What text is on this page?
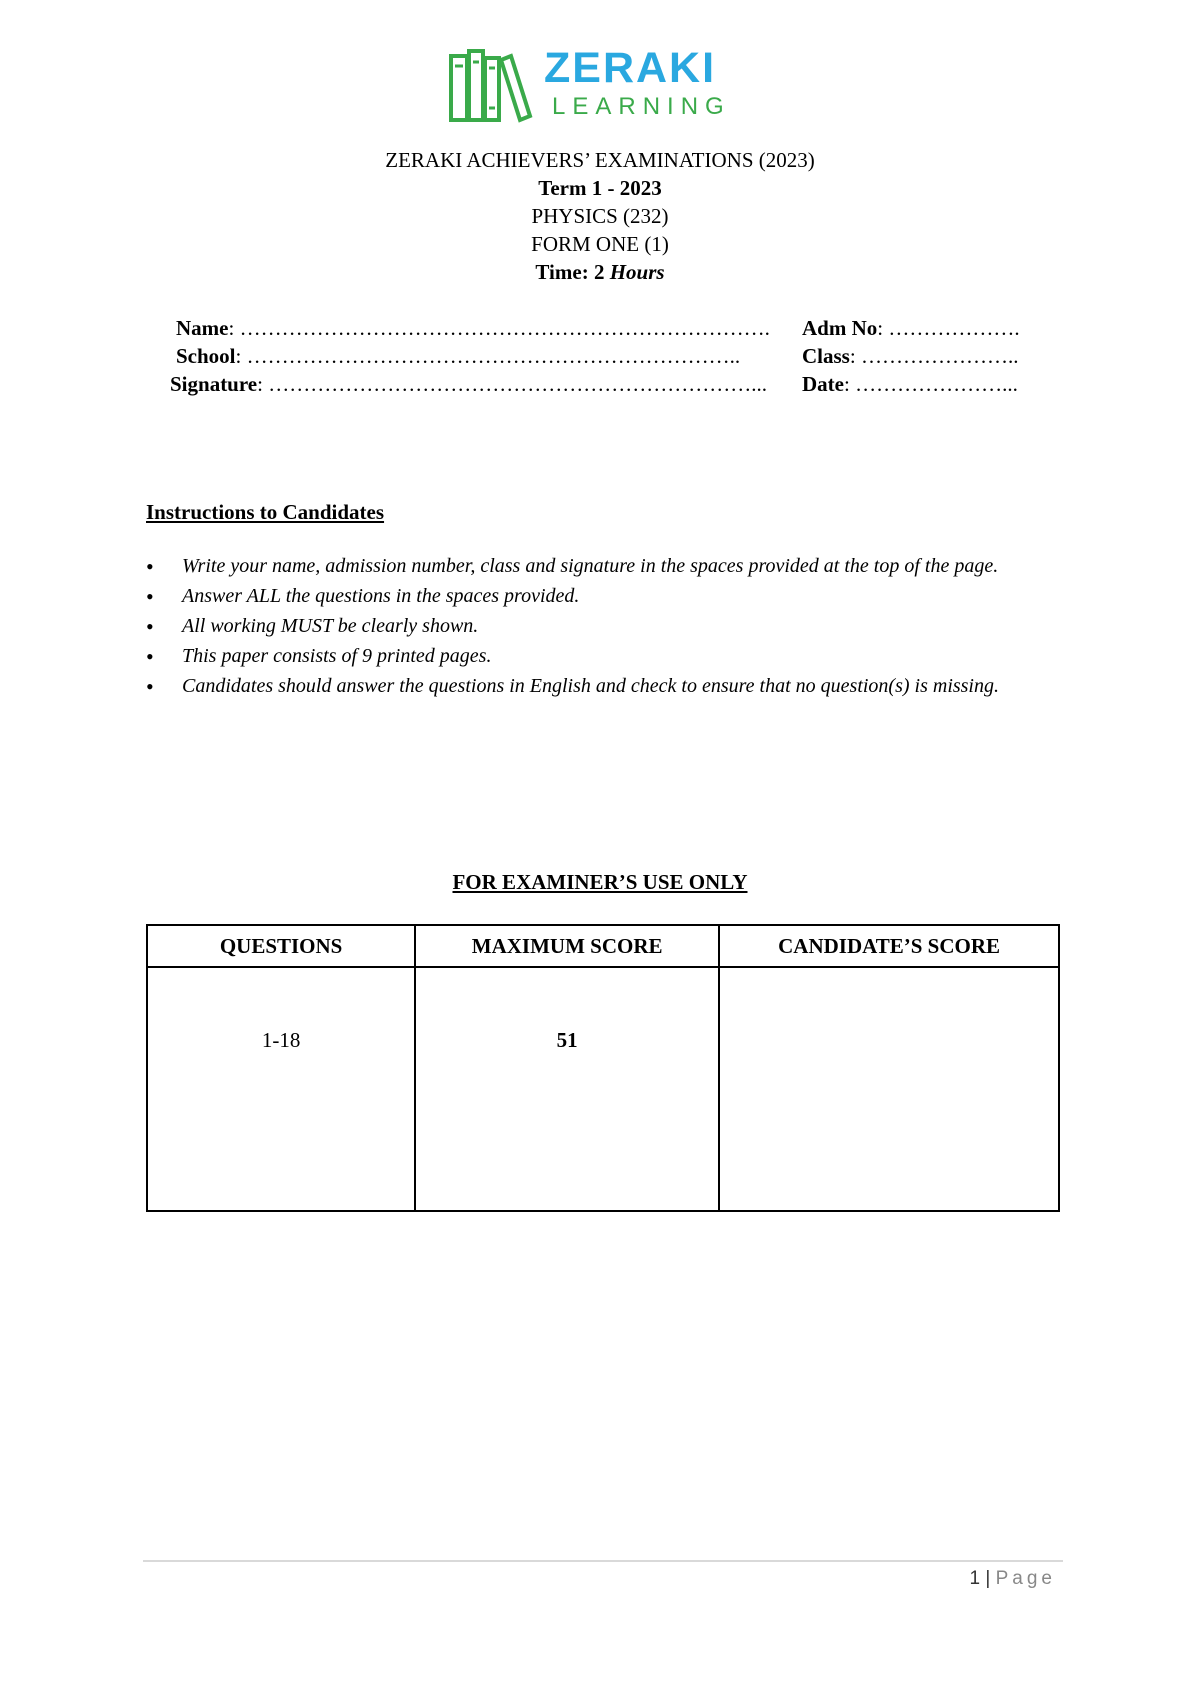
ZERAKI
LEARNING
ZERAKI ACHIEVERS’ EXAMINATIONS (2023)
Term 1 - 2023
PHYSICS (232)
FORM ONE (1)
Time: 2 Hours
Name: …………………………………………………………………. Adm No: ……………….
School: ……………………………………………………………..	Class: …………………..
Signature: ……………………………………………………………... Date: …………………...
Instructions to Candidates
• Write your name, admission number, class and signature in the spaces provided at the top of the page.
• Answer ALL the questions in the spaces provided.
• All working MUST be clearly shown.
• This paper consists of 9 printed pages.
• Candidates should answer the questions in English and check to ensure that no question(s) is missing.
FOR EXAMINER’S USE ONLY
QUESTIONS	MAXIMUM SCORE	CANDIDATE’S SCORE
1-18	51	
1 | Page
